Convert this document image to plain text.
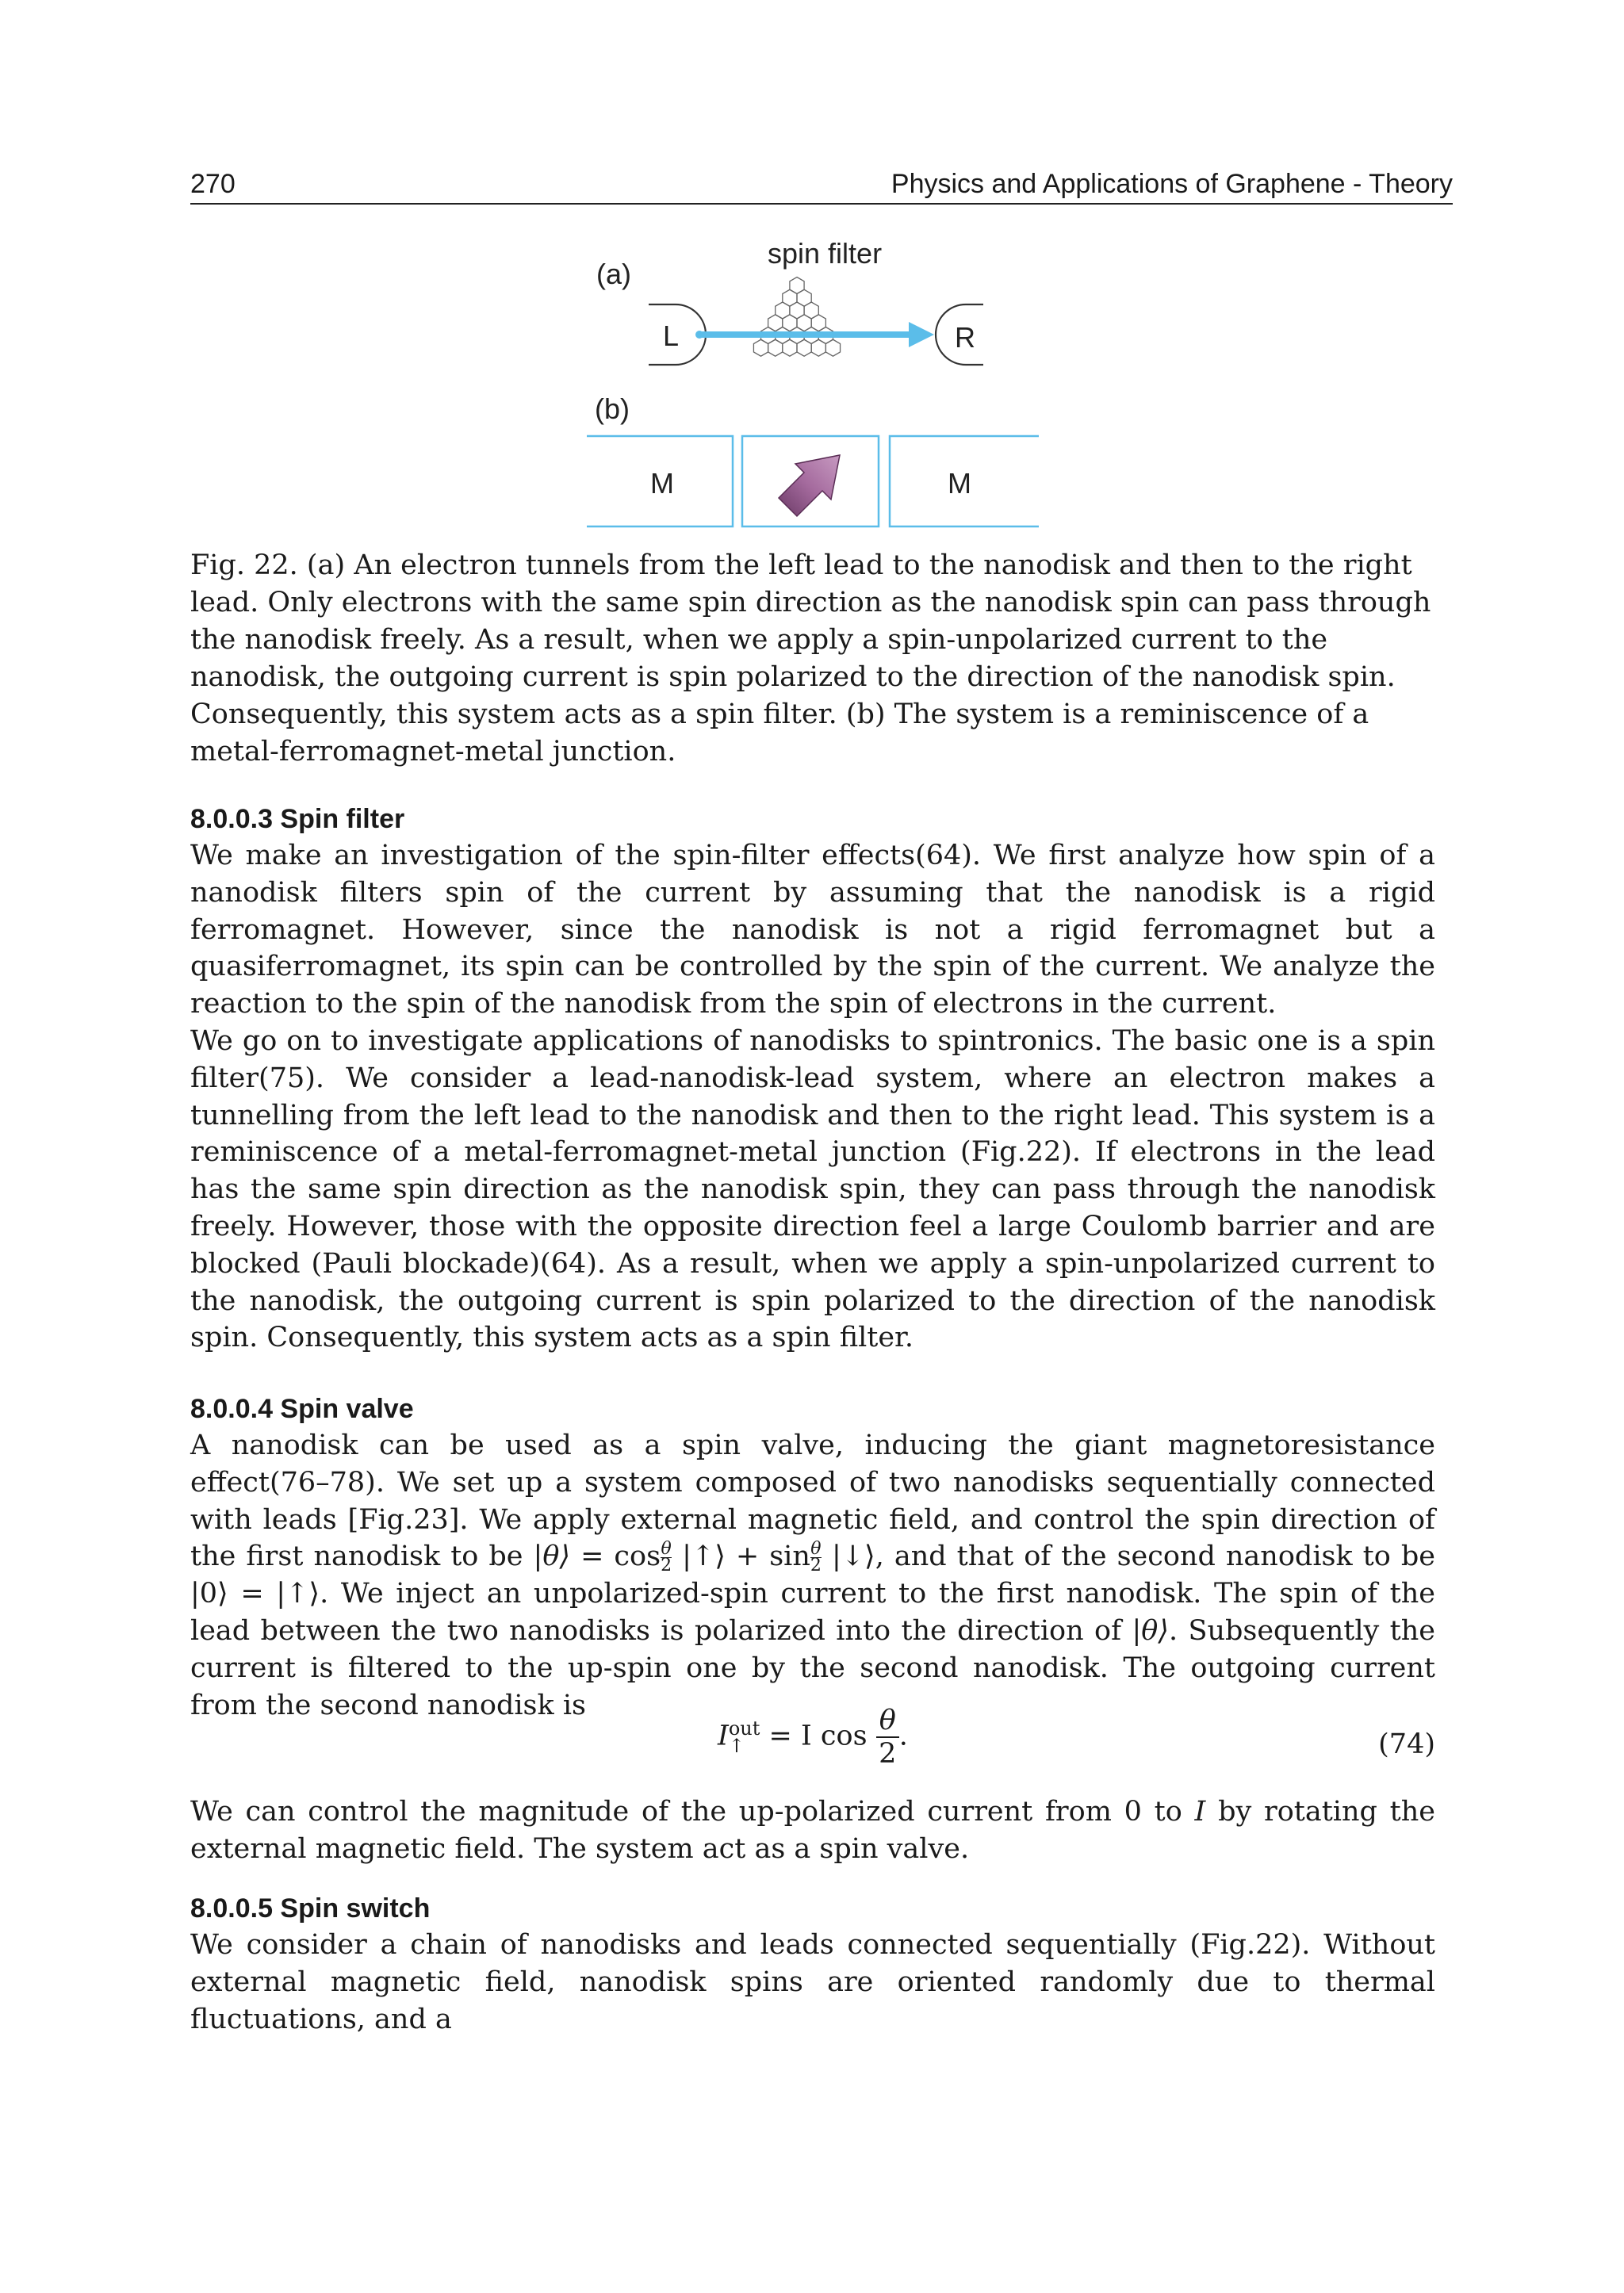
270	Physics and Applications of Graphene - Theory
(a)
spin filter
L	R
(b)
M	M
Fig. 22. (a) An electron tunnels from the left lead to the nanodisk and then to the right lead. Only electrons with the same spin direction as the nanodisk spin can pass through the nanodisk freely. As a result, when we apply a spin-unpolarized current to the nanodisk, the outgoing current is spin polarized to the direction of the nanodisk spin. Consequently, this system acts as a spin filter. (b) The system is a reminiscence of a metal-ferromagnet-metal junction.
8.0.0.3 Spin filter

We make an investigation of the spin-filter effects(64). We first analyze how spin of a nanodisk filters spin of the current by assuming that the nanodisk is a rigid ferromagnet. However, since the nanodisk is not a rigid ferromagnet but a quasiferromagnet, its spin can be controlled by the spin of the current. We analyze the reaction to the spin of the nanodisk from the spin of electrons in the current.

We go on to investigate applications of nanodisks to spintronics. The basic one is a spin filter(75). We consider a lead-nanodisk-lead system, where an electron makes a tunnelling from the left lead to the nanodisk and then to the right lead. This system is a reminiscence of a metal-ferromagnet-metal junction (Fig.22). If electrons in the lead has the same spin direction as the nanodisk spin, they can pass through the nanodisk freely. However, those with the opposite direction feel a large Coulomb barrier and are blocked (Pauli blockade)(64). As a result, when we apply a spin-unpolarized current to the nanodisk, the outgoing current is spin polarized to the direction of the nanodisk spin. Consequently, this system acts as a spin filter.

8.0.0.4 Spin valve

A nanodisk can be used as a spin valve, inducing the giant magnetoresistance effect(76–78). We set up a system composed of two nanodisks sequentially connected with leads [Fig.23]. We apply external magnetic field, and control the spin direction of the first nanodisk to be |θ⟩ = $\cos \frac{\theta}{2}$ |↑⟩ + $\sin \frac{\theta}{2}$ |↓⟩, and that of the second nanodisk to be |0⟩ = |↑⟩. We inject an unpolarized-spin current to the first nanodisk. The spin of the lead between the two nanodisks is polarized into the direction of |θ⟩. Subsequently the current is filtered to the up-spin one by the second nanodisk. The outgoing current from the second nanodisk is

I out
↑ = I $\cos \frac{\theta}{2}$ .	(74)

We can control the magnitude of the up-polarized current from 0 to I by rotating the external magnetic field. The system act as a spin valve.

8.0.0.5 Spin switch

We consider a chain of nanodisks and leads connected sequentially (Fig.22). Without external magnetic field, nanodisk spins are oriented randomly due to thermal fluctuations, and a
